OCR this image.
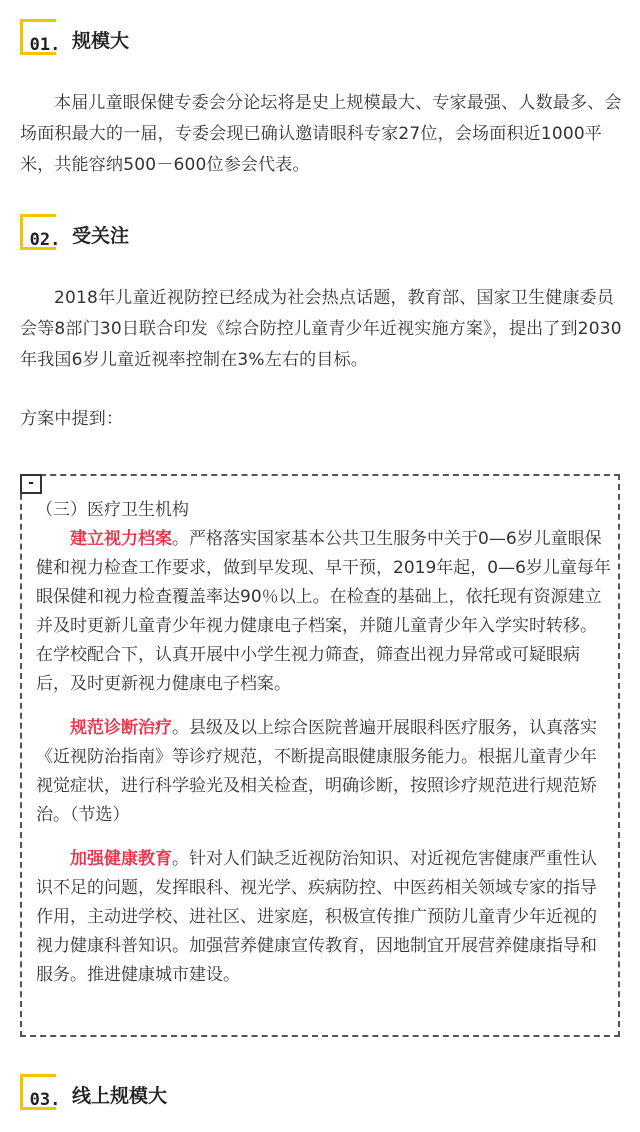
01. 规模大
本届儿童眼保健专委会分论坛将是史上规模最大、专家最强、人数最多、会场面积最大的一届，专委会现已确认邀请眼科专家27位，会场面积近1000平米，共能容纳500－600位参会代表。
02. 受关注
2018年儿童近视防控已经成为社会热点话题，教育部、国家卫生健康委员会等8部门30日联合印发《综合防控儿童青少年近视实施方案》，提出了到2030年我国6岁儿童近视率控制在3%左右的目标。
方案中提到：
-

（三）医疗卫生机构

建立视力档案。严格落实国家基本公共卫生服务中关于0—6岁儿童眼保健和视力检查工作要求，做到早发现、早干预，2019年起，0—6岁儿童每年眼保健和视力检查覆盖率达90％以上。在检查的基础上，依托现有资源建立并及时更新儿童青少年视力健康电子档案，并随儿童青少年入学实时转移。在学校配合下，认真开展中小学生视力筛查，筛查出视力异常或可疑眼病后，及时更新视力健康电子档案。

规范诊断治疗。县级及以上综合医院普遍开展眼科医疗服务，认真落实《近视防治指南》等诊疗规范，不断提高眼健康服务能力。根据儿童青少年视觉症状，进行科学验光及相关检查，明确诊断，按照诊疗规范进行规范矫治。（节选）

加强健康教育。针对人们缺乏近视防治知识、对近视危害健康严重性认识不足的问题，发挥眼科、视光学、疾病防控、中医药相关领域专家的指导作用，主动进学校、进社区、进家庭，积极宣传推广预防儿童青少年近视的视力健康科普知识。加强营养健康宣传教育，因地制宜开展营养健康指导和服务。推进健康城市建设。

03. 线上规模大
